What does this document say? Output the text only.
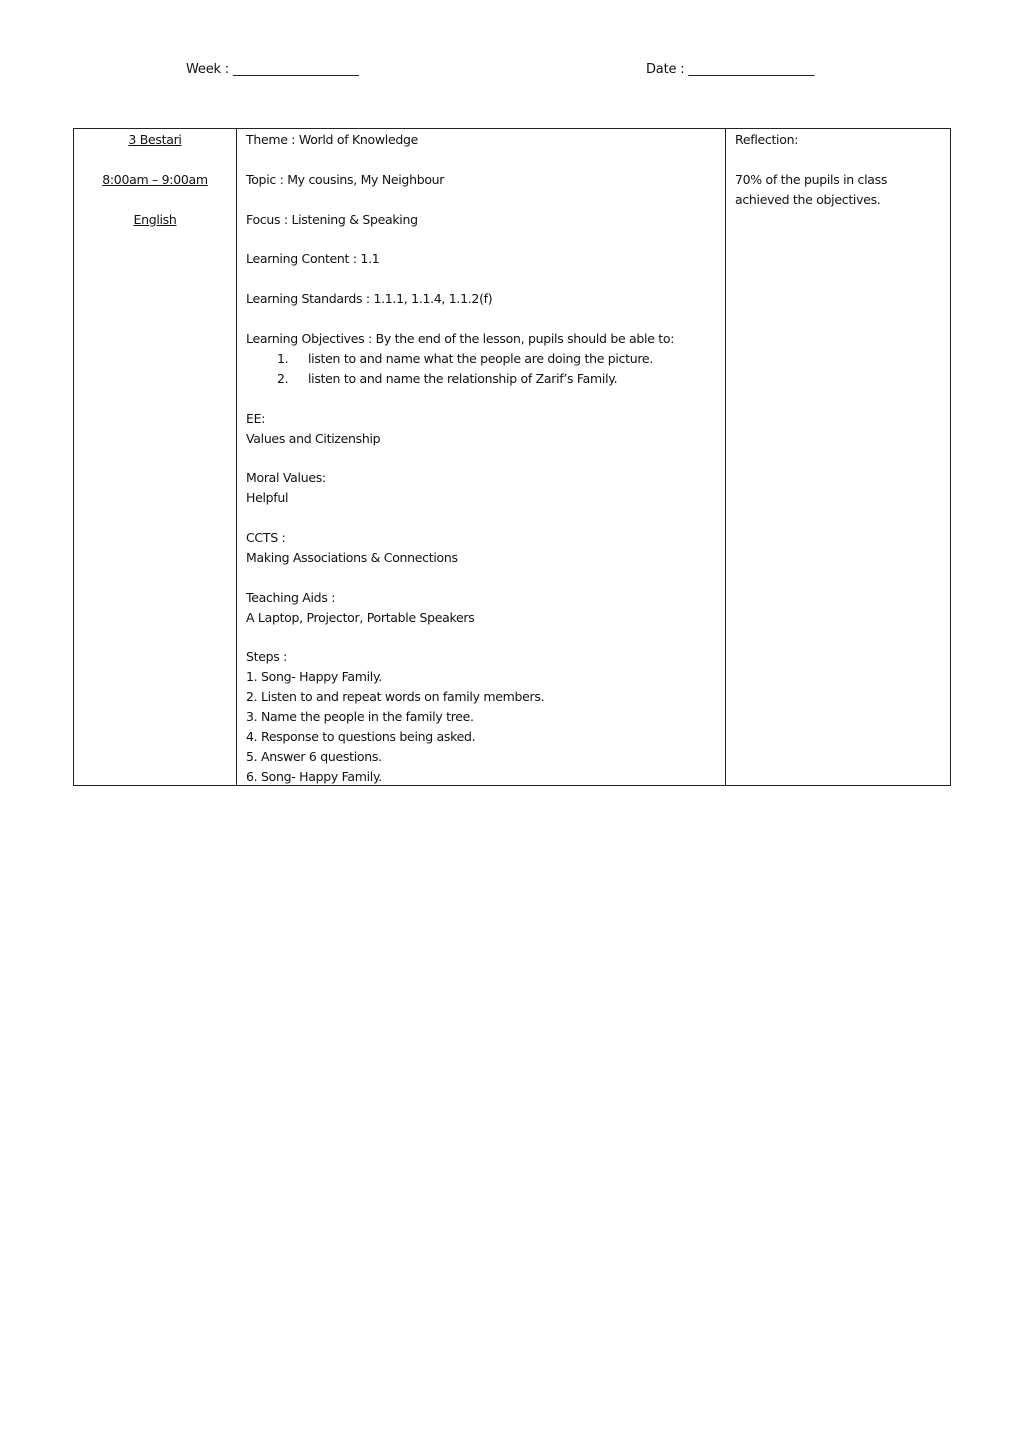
Week : ____________________	Date : ____________________
3 Bestari
8:00am – 9:00am
English
Theme : World of Knowledge
Topic : My cousins, My Neighbour
Focus : Listening & Speaking
Learning Content : 1.1
Learning Standards : 1.1.1, 1.1.4, 1.1.2(f)
Learning Objectives : By the end of the lesson, pupils should be able to:
1.	listen to and name what the people are doing the picture.
2.	listen to and name the relationship of Zarif’s Family.
EE:
Values and Citizenship
Moral Values:
Helpful
CCTS :
Making Associations & Connections
Teaching Aids :
A Laptop, Projector, Portable Speakers
Steps :
1. Song- Happy Family.
2. Listen to and repeat words on family members.
3. Name the people in the family tree.
4. Response to questions being asked.
5. Answer 6 questions.
6. Song- Happy Family.
Reflection:
70% of the pupils in class achieved the objectives.
